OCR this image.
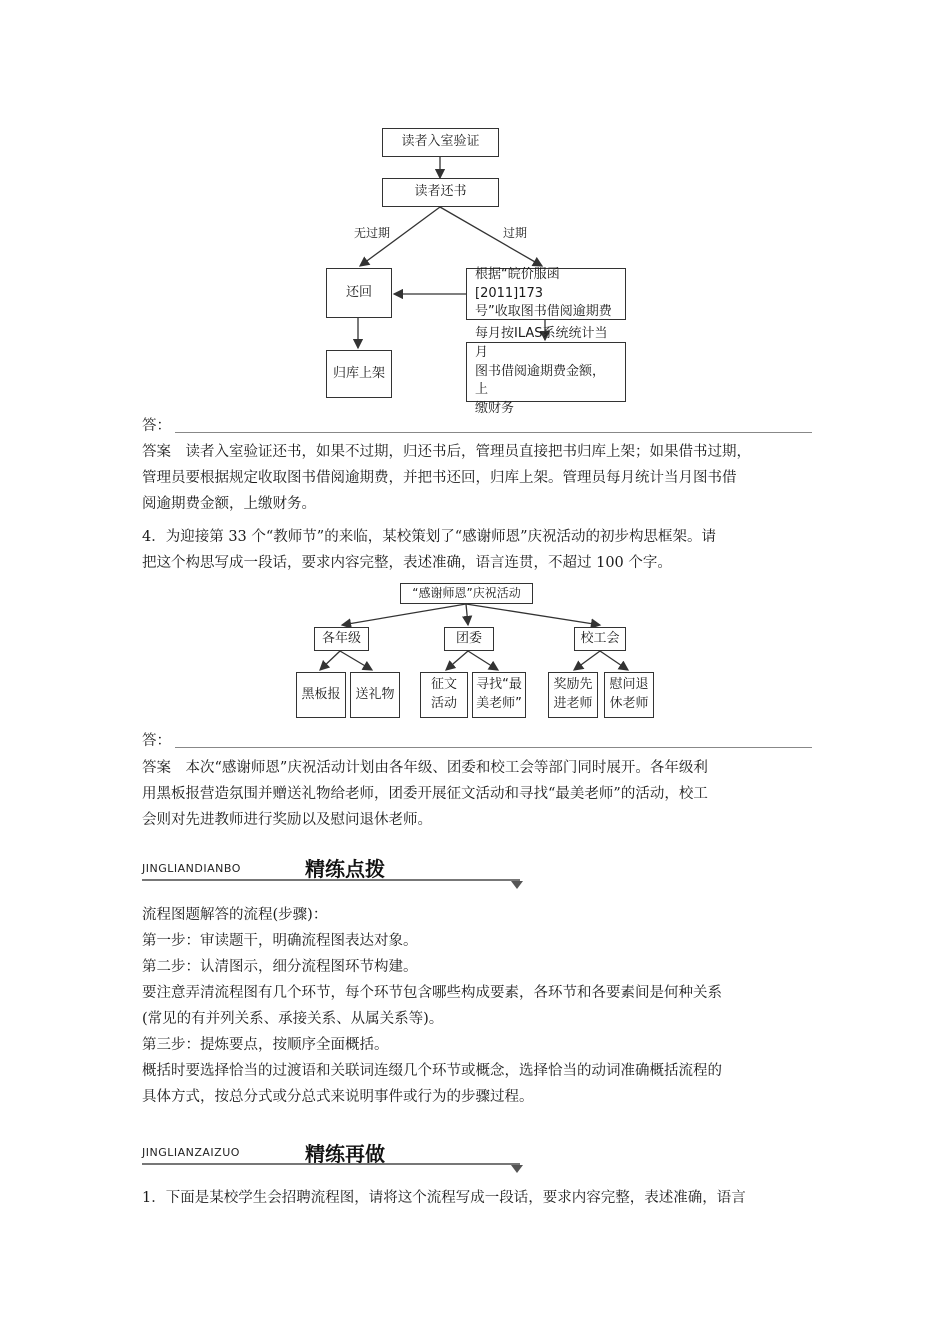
读者入室验证
读者还书
无过期	过期
还回
根据“皖价服函[2011]173
号”收取图书借阅逾期费
归库上架
每月按ILAS系统统计当月
图书借阅逾期费金额，上
缴财务
答：
答案　读者入室验证还书，如果不过期，归还书后，管理员直接把书归库上架；如果借书过期，
管理员要根据规定收取图书借阅逾期费，并把书还回，归库上架。管理员每月统计当月图书借
阅逾期费金额，上缴财务。
4．为迎接第 33 个“教师节”的来临，某校策划了“感谢师恩”庆祝活动的初步构思框架。请
把这个构思写成一段话，要求内容完整，表述准确，语言连贯，不超过 100 个字。
“感谢师恩”庆祝活动
各年级	团委	校工会
黑板报 送礼物
征文
活动
寻找“最
美老师”
奖励先
进老师
慰问退
休老师
答：
答案　本次“感谢师恩”庆祝活动计划由各年级、团委和校工会等部门同时展开。各年级利
用黑板报营造氛围并赠送礼物给老师，团委开展征文活动和寻找“最美老师”的活动，校工
会则对先进教师进行奖励以及慰问退休老师。
JINGLIANDIANBO	精练点拨
流程图题解答的流程(步骤)：
第一步：审读题干，明确流程图表达对象。
第二步：认清图示，细分流程图环节构建。
要注意弄清流程图有几个环节，每个环节包含哪些构成要素，各环节和各要素间是何种关系
(常见的有并列关系、承接关系、从属关系等)。
第三步：提炼要点，按顺序全面概括。
概括时要选择恰当的过渡语和关联词连缀几个环节或概念，选择恰当的动词准确概括流程的
具体方式，按总分式或分总式来说明事件或行为的步骤过程。
JINGLIANZAIZUO	精练再做
1．下面是某校学生会招聘流程图，请将这个流程写成一段话，要求内容完整，表述准确，语言
